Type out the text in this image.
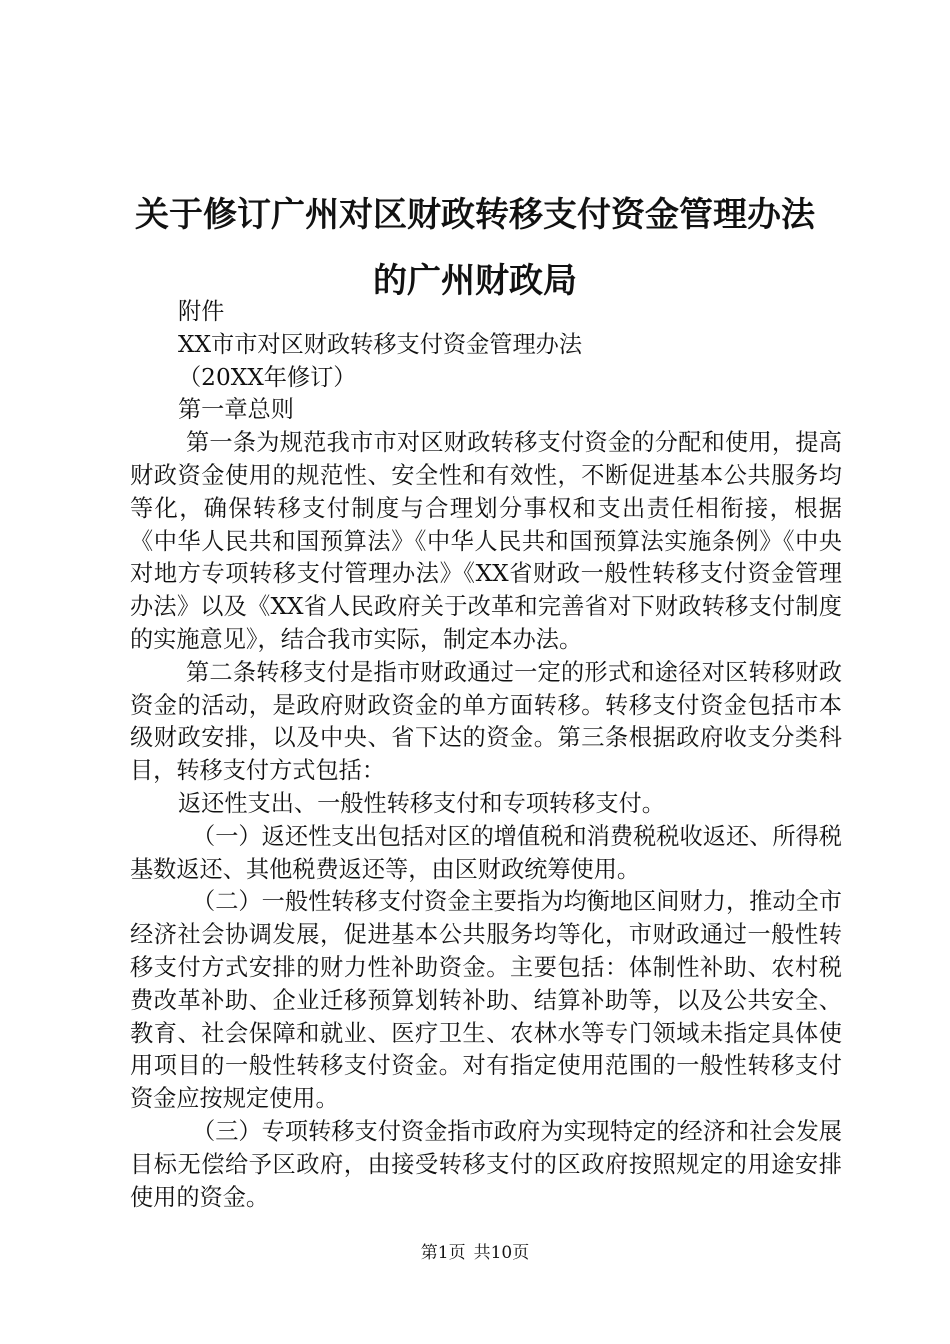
关于修订广州对区财政转移支付资金管理办法
的广州财政局

附件

XX市市对区财政转移支付资金管理办法

（20XX年修订）

第一章总则

第一条为规范我市市对区财政转移支付资金的分配和使用，提高财政资金使用的规范性、安全性和有效性，不断促进基本公共服务均等化，确保转移支付制度与合理划分事权和支出责任相衔接，根据《中华人民共和国预算法》《中华人民共和国预算法实施条例》《中央对地方专项转移支付管理办法》《XX省财政一般性转移支付资金管理办法》以及《XX省人民政府关于改革和完善省对下财政转移支付制度的实施意见》，结合我市实际，制定本办法。

第二条转移支付是指市财政通过一定的形式和途径对区转移财政资金的活动，是政府财政资金的单方面转移。转移支付资金包括市本级财政安排，以及中央、省下达的资金。第三条根据政府收支分类科目，转移支付方式包括：

返还性支出、一般性转移支付和专项转移支付。

（一）返还性支出包括对区的增值税和消费税税收返还、所得税基数返还、其他税费返还等，由区财政统筹使用。

（二）一般性转移支付资金主要指为均衡地区间财力，推动全市经济社会协调发展，促进基本公共服务均等化，市财政通过一般性转移支付方式安排的财力性补助资金。主要包括：体制性补助、农村税费改革补助、企业迁移预算划转补助、结算补助等，以及公共安全、教育、社会保障和就业、医疗卫生、农林水等专门领域未指定具体使用项目的一般性转移支付资金。对有指定使用范围的一般性转移支付资金应按规定使用。

（三）专项转移支付资金指市政府为实现特定的经济和社会发展目标无偿给予区政府，由接受转移支付的区政府按照规定的用途安排使用的资金。

第1页 共10页
